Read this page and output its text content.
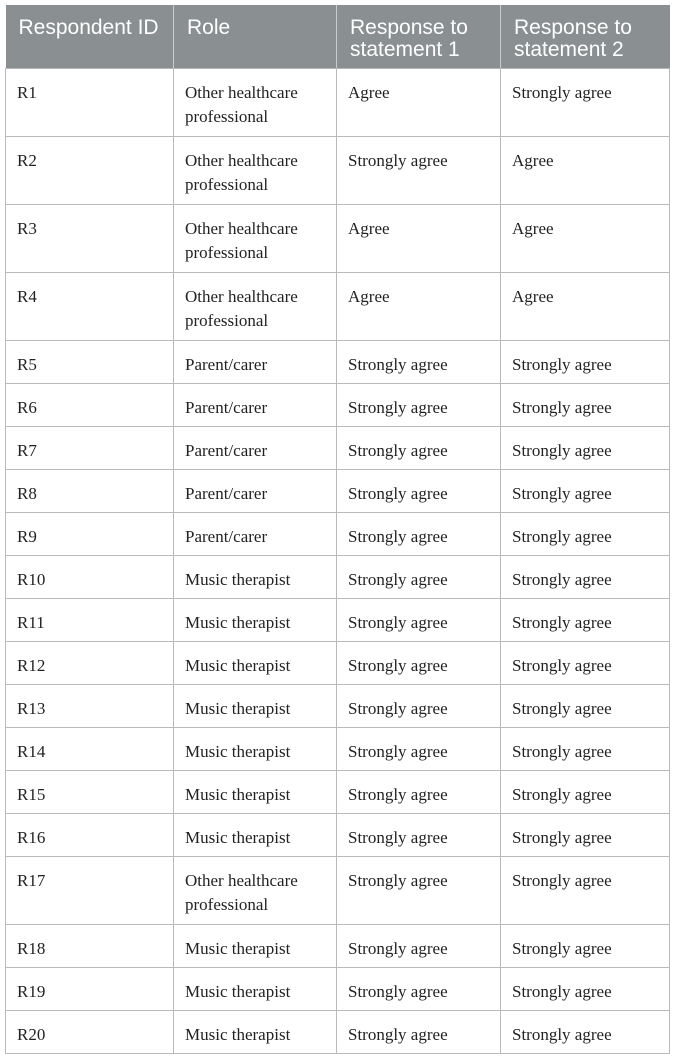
Respondent ID	Role	Response to statement 1	Response to statement 2
R1	Other healthcare professional	Agree	Strongly agree
R2	Other healthcare professional	Strongly agree	Agree
R3	Other healthcare professional	Agree	Agree
R4	Other healthcare professional	Agree	Agree
R5	Parent/carer	Strongly agree	Strongly agree
R6	Parent/carer	Strongly agree	Strongly agree
R7	Parent/carer	Strongly agree	Strongly agree
R8	Parent/carer	Strongly agree	Strongly agree
R9	Parent/carer	Strongly agree	Strongly agree
R10	Music therapist	Strongly agree	Strongly agree
R11	Music therapist	Strongly agree	Strongly agree
R12	Music therapist	Strongly agree	Strongly agree
R13	Music therapist	Strongly agree	Strongly agree
R14	Music therapist	Strongly agree	Strongly agree
R15	Music therapist	Strongly agree	Strongly agree
R16	Music therapist	Strongly agree	Strongly agree
R17	Other healthcare professional	Strongly agree	Strongly agree
R18	Music therapist	Strongly agree	Strongly agree
R19	Music therapist	Strongly agree	Strongly agree
R20	Music therapist	Strongly agree	Strongly agree
